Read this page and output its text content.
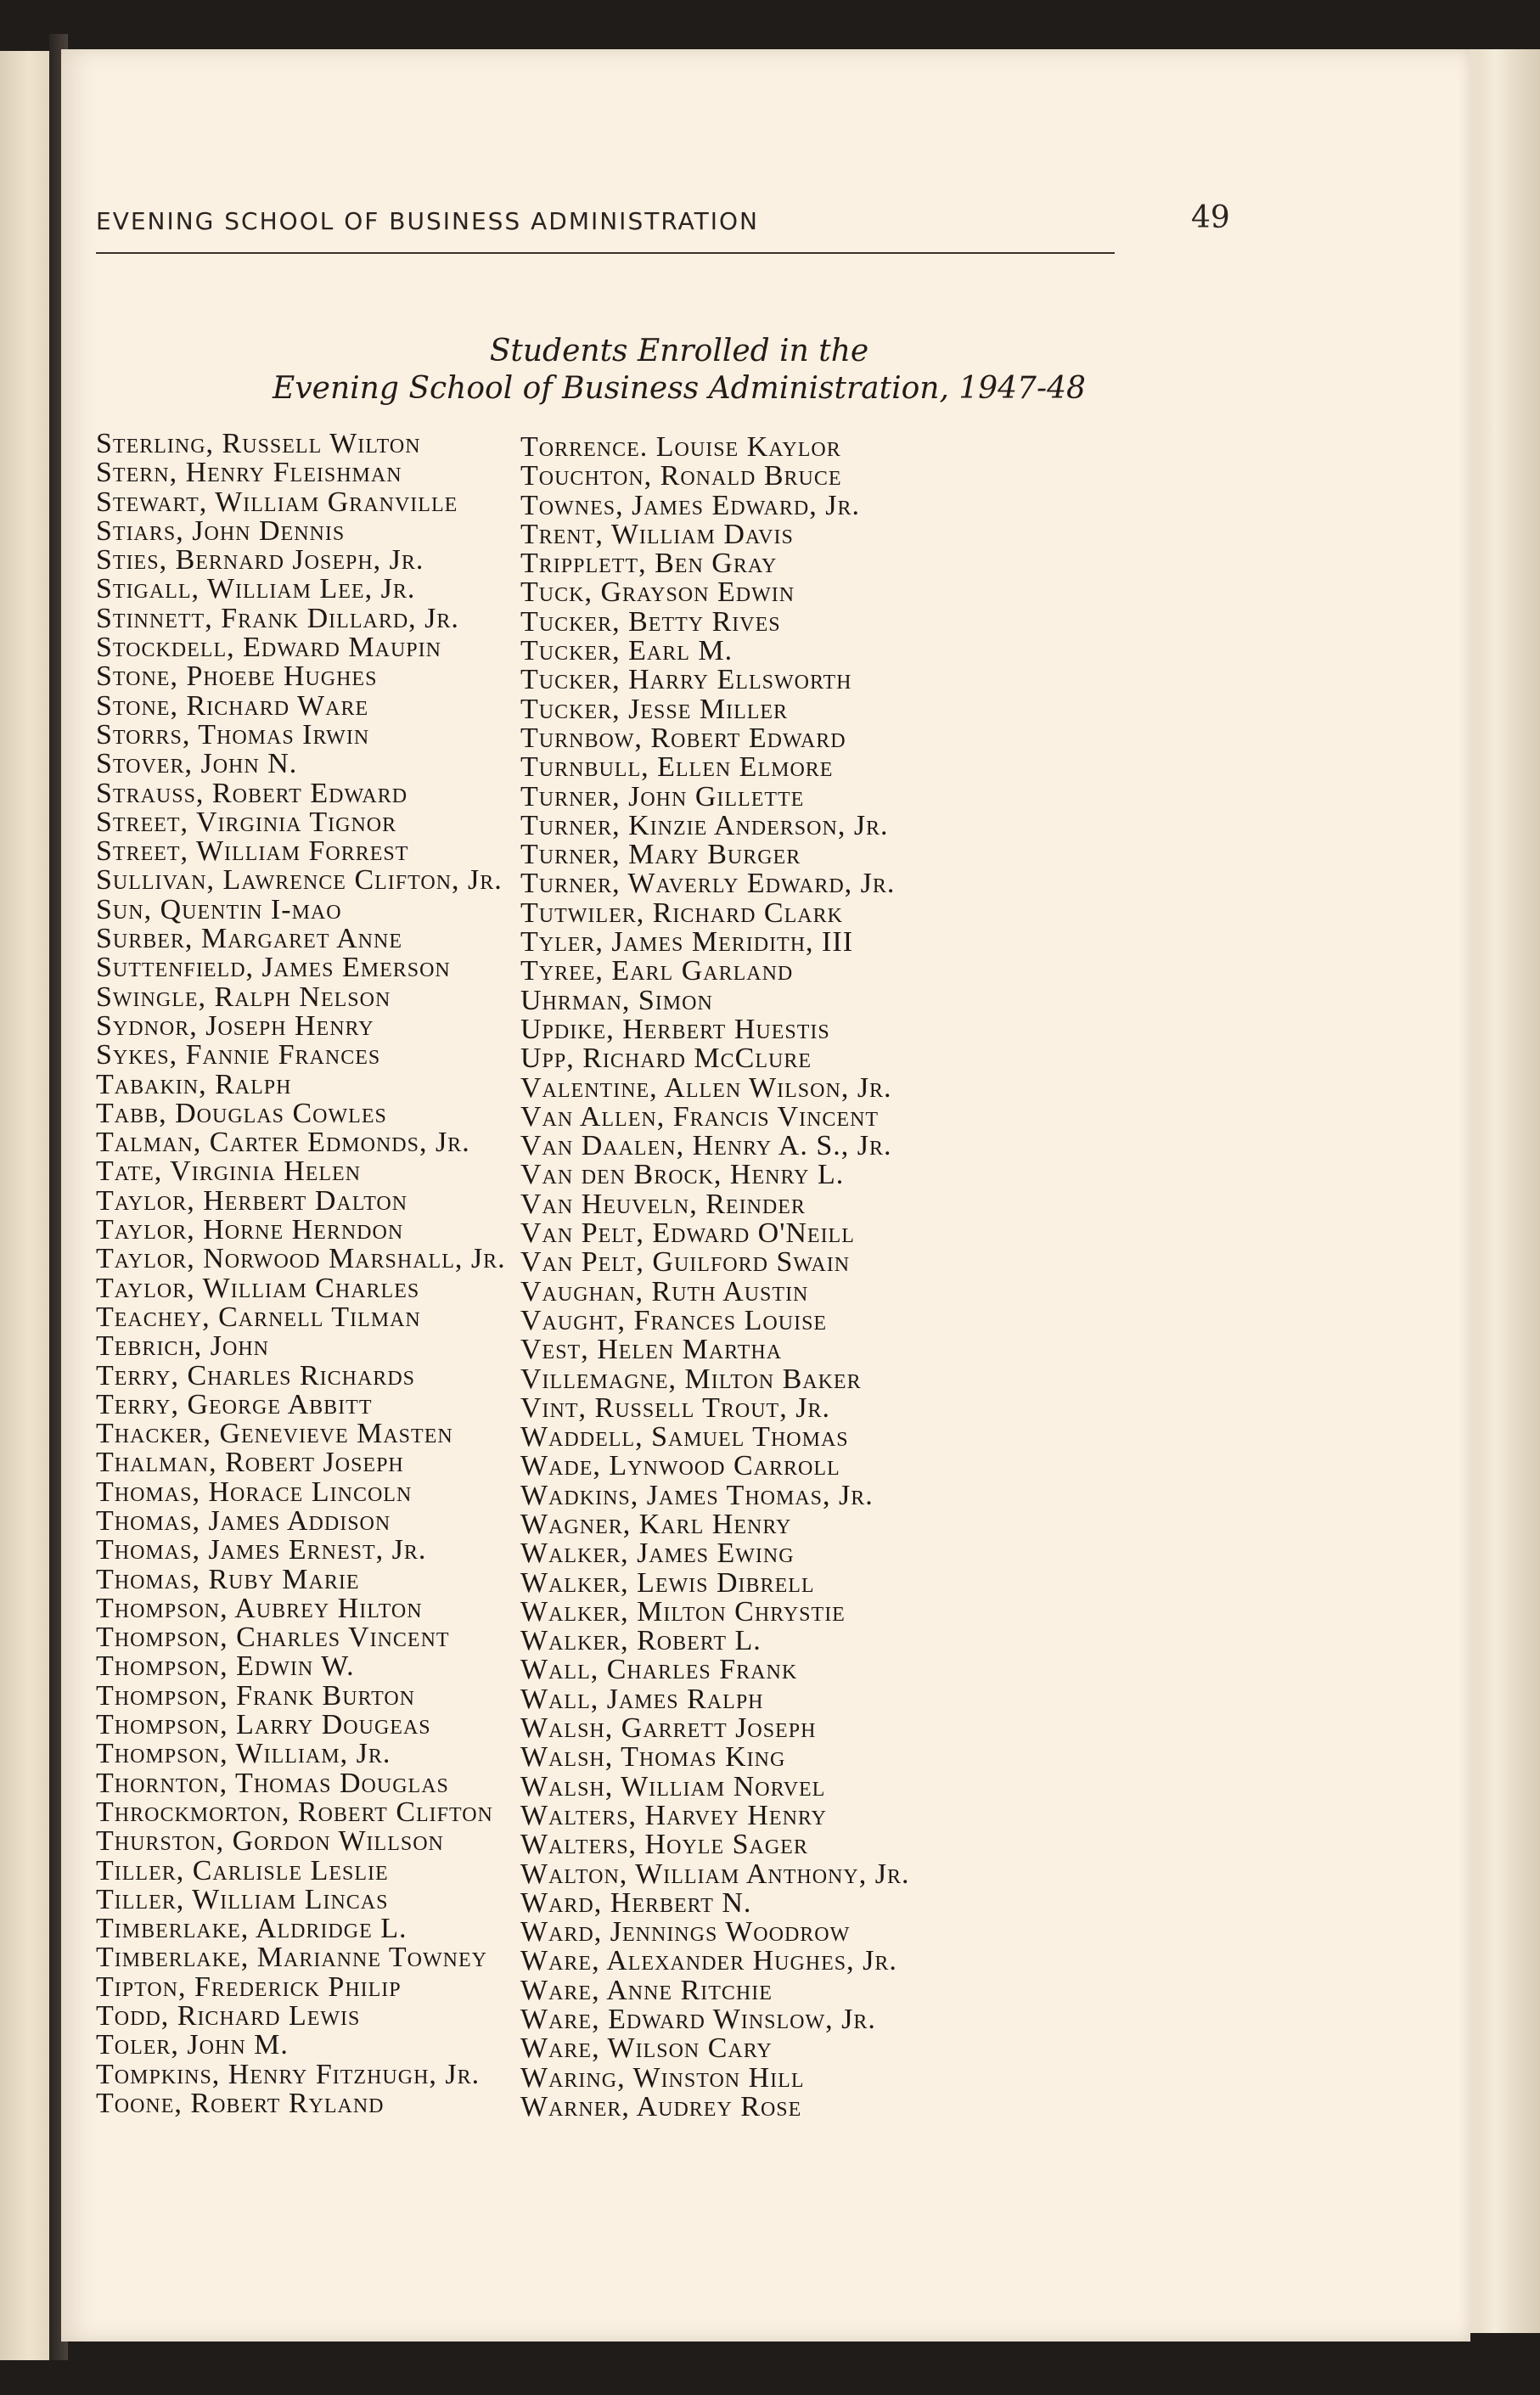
EVENING SCHOOL OF BUSINESS ADMINISTRATION	49
Students Enrolled in the
Evening School of Business Administration, 1947-48
Sterling, Russell Wilton
Stern, Henry Fleishman
Stewart, William Granville
Stiars, John Dennis
Sties, Bernard Joseph, Jr.
Stigall, William Lee, Jr.
Stinnett, Frank Dillard, Jr.
Stockdell, Edward Maupin
Stone, Phoebe Hughes
Stone, Richard Ware
Storrs, Thomas Irwin
Stover, John N.
Strauss, Robert Edward
Street, Virginia Tignor
Street, William Forrest
Sullivan, Lawrence Clifton, Jr.
Sun, Quentin I-mao
Surber, Margaret Anne
Suttenfield, James Emerson
Swingle, Ralph Nelson
Sydnor, Joseph Henry
Sykes, Fannie Frances
Tabakin, Ralph
Tabb, Douglas Cowles
Talman, Carter Edmonds, Jr.
Tate, Virginia Helen
Taylor, Herbert Dalton
Taylor, Horne Herndon
Taylor, Norwood Marshall, Jr.
Taylor, William Charles
Teachey, Carnell Tilman
Tebrich, John
Terry, Charles Richards
Terry, George Abbitt
Thacker, Genevieve Masten
Thalman, Robert Joseph
Thomas, Horace Lincoln
Thomas, James Addison
Thomas, James Ernest, Jr.
Thomas, Ruby Marie
Thompson, Aubrey Hilton
Thompson, Charles Vincent
Thompson, Edwin W.
Thompson, Frank Burton
Thompson, Larry Dougeas
Thompson, William, Jr.
Thornton, Thomas Douglas
Throckmorton, Robert Clifton
Thurston, Gordon Willson
Tiller, Carlisle Leslie
Tiller, William Lincas
Timberlake, Aldridge L.
Timberlake, Marianne Towney
Tipton, Frederick Philip
Todd, Richard Lewis
Toler, John M.
Tompkins, Henry Fitzhugh, Jr.
Toone, Robert Ryland
Torrence. Louise Kaylor
Touchton, Ronald Bruce
Townes, James Edward, Jr.
Trent, William Davis
Tripplett, Ben Gray
Tuck, Grayson Edwin
Tucker, Betty Rives
Tucker, Earl M.
Tucker, Harry Ellsworth
Tucker, Jesse Miller
Turnbow, Robert Edward
Turnbull, Ellen Elmore
Turner, John Gillette
Turner, Kinzie Anderson, Jr.
Turner, Mary Burger
Turner, Waverly Edward, Jr.
Tutwiler, Richard Clark
Tyler, James Meridith, III
Tyree, Earl Garland
Uhrman, Simon
Updike, Herbert Huestis
Upp, Richard McClure
Valentine, Allen Wilson, Jr.
Van Allen, Francis Vincent
Van Daalen, Henry A. S., Jr.
Van den Brock, Henry L.
Van Heuveln, Reinder
Van Pelt, Edward O'Neill
Van Pelt, Guilford Swain
Vaughan, Ruth Austin
Vaught, Frances Louise
Vest, Helen Martha
Villemagne, Milton Baker
Vint, Russell Trout, Jr.
Waddell, Samuel Thomas
Wade, Lynwood Carroll
Wadkins, James Thomas, Jr.
Wagner, Karl Henry
Walker, James Ewing
Walker, Lewis Dibrell
Walker, Milton Chrystie
Walker, Robert L.
Wall, Charles Frank
Wall, James Ralph
Walsh, Garrett Joseph
Walsh, Thomas King
Walsh, William Norvel
Walters, Harvey Henry
Walters, Hoyle Sager
Walton, William Anthony, Jr.
Ward, Herbert N.
Ward, Jennings Woodrow
Ware, Alexander Hughes, Jr.
Ware, Anne Ritchie
Ware, Edward Winslow, Jr.
Ware, Wilson Cary
Waring, Winston Hill
Warner, Audrey Rose
